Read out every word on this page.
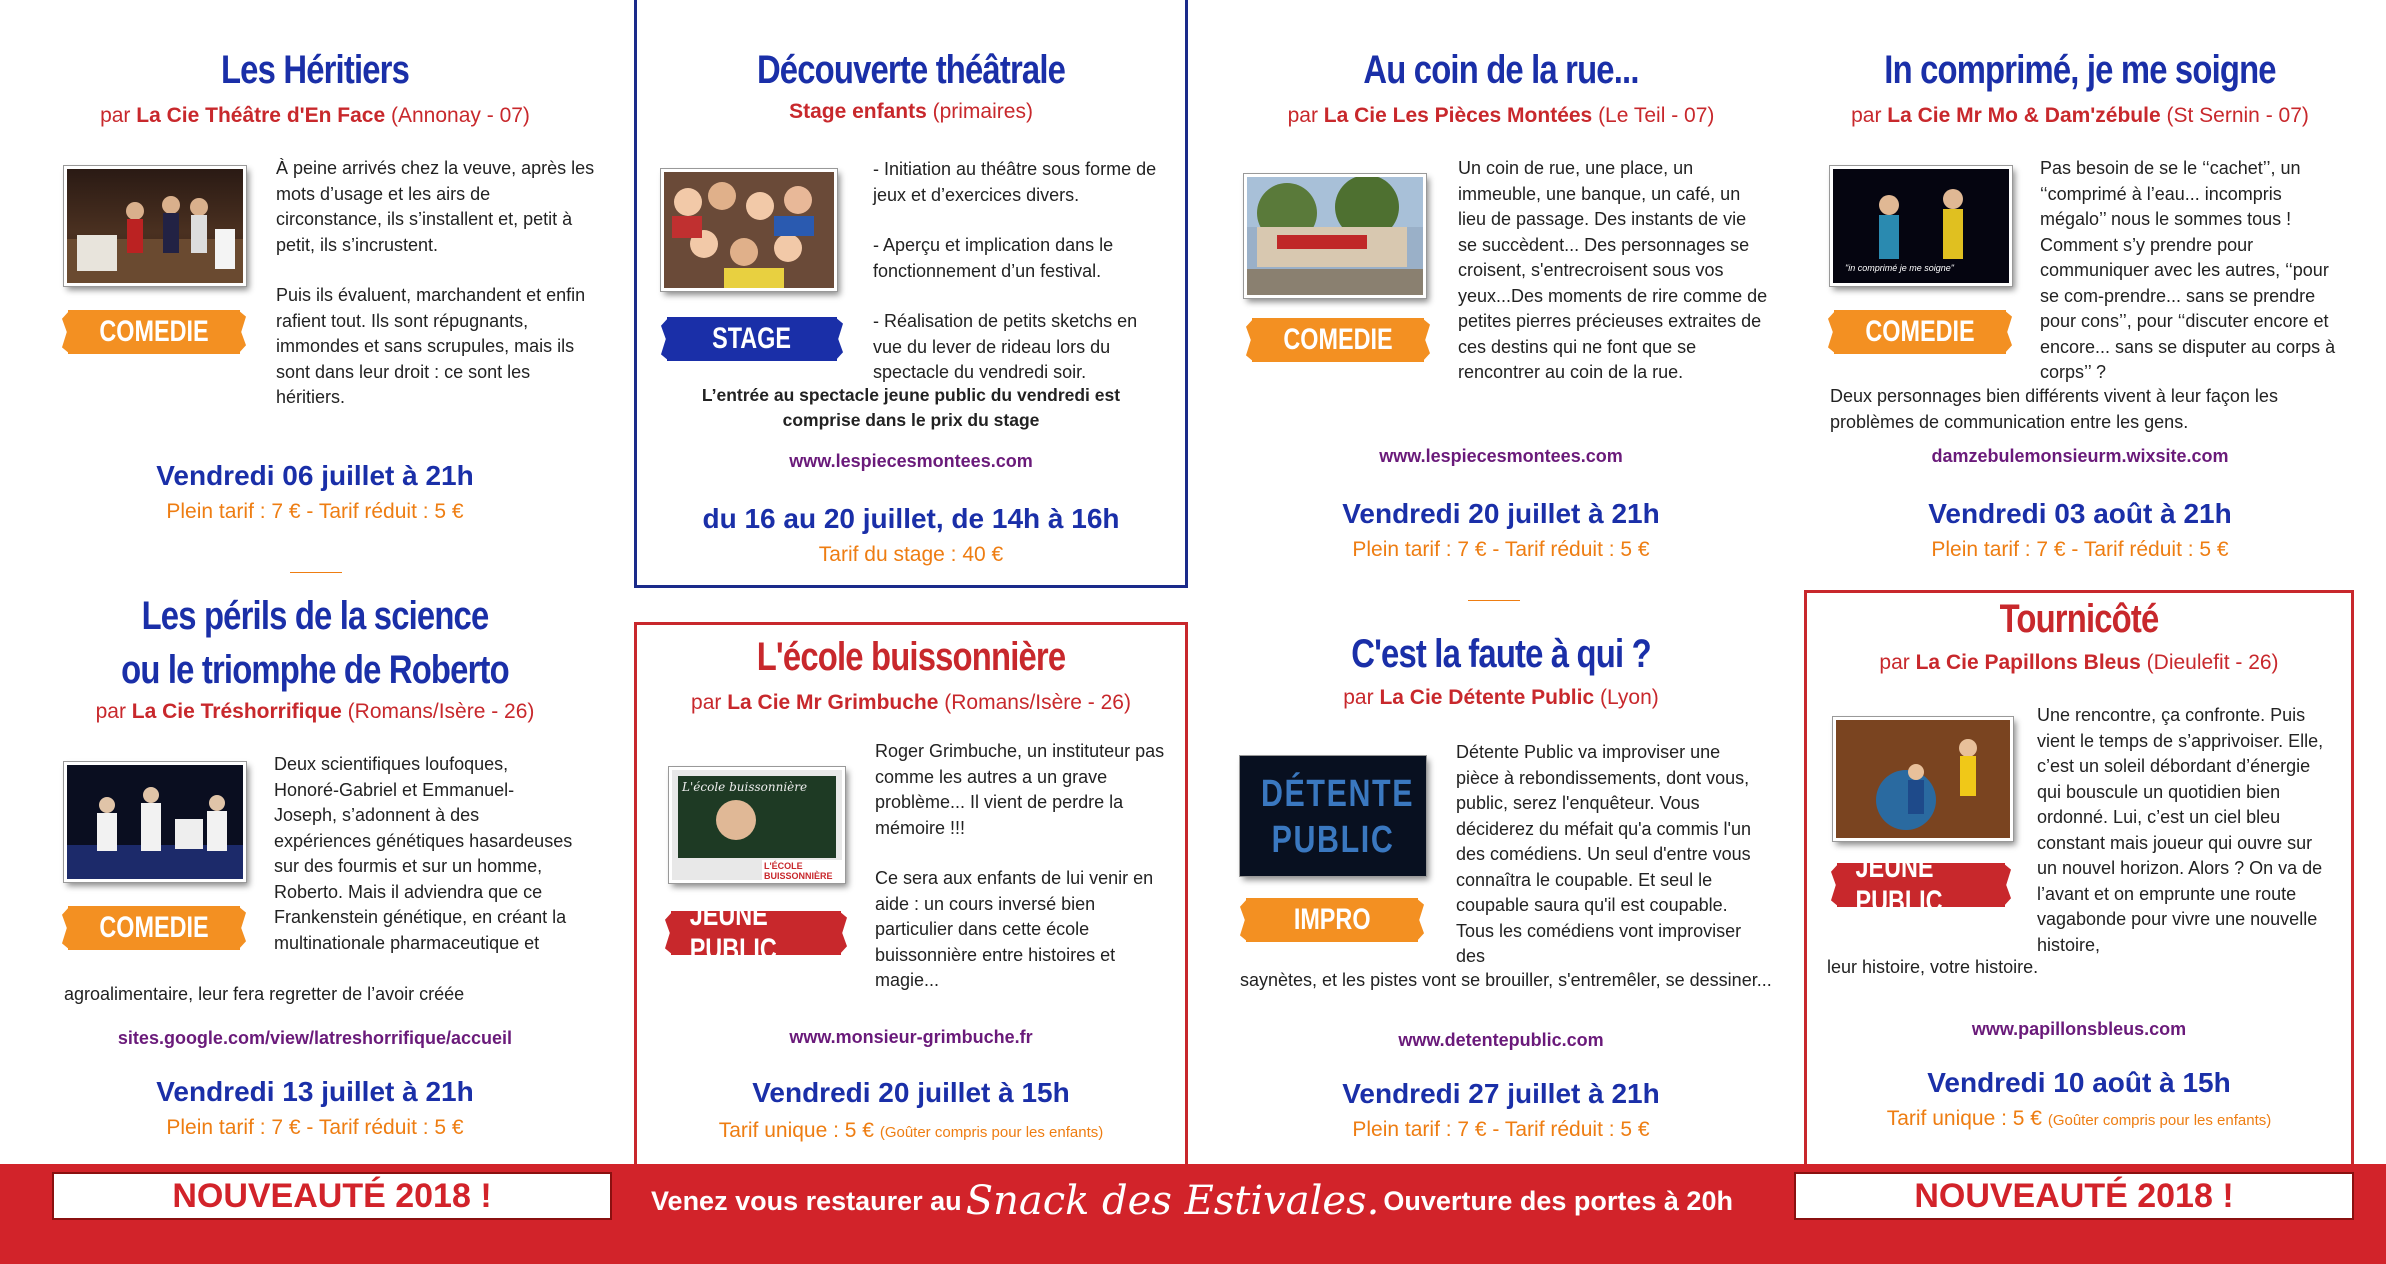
Les Héritiers
par La Cie Théâtre d'En Face (Annonay - 07)
COMEDIE

À peine arrivés chez la veuve, après les mots d’usage et les airs de circonstance, ils s’installent et, petit à petit, ils s’incrustent.

Puis ils évaluent, marchandent et enfin rafient tout. Ils sont répugnants, immondes et sans scrupules, mais ils sont dans leur droit : ce sont les héritiers.

Vendredi 06 juillet à 21h
Plein tarif : 7 € - Tarif réduit : 5 €
Les périls de la science
ou le triomphe de Roberto
par La Cie Tréshorrifique (Romans/Isère - 26)
COMEDIE

Deux scientifiques loufoques, Honoré-Gabriel et Emmanuel-Joseph, s’adonnent à des expériences génétiques hasardeuses sur des fourmis et sur un homme, Roberto. Mais il adviendra que ce Frankenstein génétique, en créant la multinationale pharmaceutique et

agroalimentaire, leur fera regretter de l’avoir créée
sites.google.com/view/latreshorrifique/accueil
Vendredi 13 juillet à 21h
Plein tarif : 7 € - Tarif réduit : 5 €
Découverte théâtrale
Stage enfants (primaires)
STAGE

- Initiation au théâtre sous forme de jeux et d’exercices divers.

- Aperçu et implication dans le fonctionnement d’un festival.

- Réalisation de petits sketchs en vue du lever de rideau lors du spectacle du vendredi soir.

L’entrée au spectacle jeune public du vendredi est comprise dans le prix du stage
www.lespiecesmontees.com
du 16 au 20 juillet, de 14h à 16h
Tarif du stage : 40 €
L'école buissonnière
par La Cie Mr Grimbuche (Romans/Isère - 26)
L'école buissonnière
L'ÉCOLE BUISSONNIÈRE
JEUNE PUBLIC

Roger Grimbuche, un instituteur pas comme les autres a un grave problème... Il vient de perdre la mémoire !!!

Ce sera aux enfants de lui venir en aide : un cours inversé bien particulier dans cette école buissonnière entre histoires et magie...

www.monsieur-grimbuche.fr
Vendredi 20 juillet à 15h
Tarif unique : 5 € (Goûter compris pour les enfants)
Au coin de la rue...
par La Cie Les Pièces Montées (Le Teil - 07)
COMEDIE

Un coin de rue, une place, un immeuble, une banque, un café, un lieu de passage. Des instants de vie se succèdent... Des personnages se croisent, s'entrecroisent sous vos yeux...Des moments de rire comme de petites pierres précieuses extraites de ces destins qui ne font que se rencontrer au coin de la rue.

www.lespiecesmontees.com
Vendredi 20 juillet à 21h
Plein tarif : 7 € - Tarif réduit : 5 €
C'est la faute à qui ?
par La Cie Détente Public (Lyon)
DÉTENTE
PUBLIC
IMPRO

Détente Public va improviser une pièce à rebondissements, dont vous, public, serez l'enquêteur. Vous déciderez du méfait qu'a commis l'un des comédiens. Un seul d'entre vous connaîtra le coupable. Et seul le coupable saura qu'il est coupable. Tous les comédiens vont improviser des

saynètes, et les pistes vont se brouiller, s'entremêler, se dessiner...
www.detentepublic.com
Vendredi 27 juillet à 21h
Plein tarif : 7 € - Tarif réduit : 5 €
In comprimé, je me soigne
par La Cie Mr Mo & Dam'zébule (St Sernin - 07)
"in comprimé je me soigne"
COMEDIE

Pas besoin de se le ‘‘cachet’’, un ‘‘comprimé à l’eau... incompris mégalo’’ nous le sommes tous ! Comment s’y prendre pour communiquer avec les autres, ‘‘pour se com-prendre... sans se prendre pour cons’’, pour ‘‘discuter encore et encore... sans se disputer au corps à corps’’ ?

Deux personnages bien différents vivent à leur façon les problèmes de communication entre les gens.
damzebulemonsieurm.wixsite.com
Vendredi 03 août à 21h
Plein tarif : 7 € - Tarif réduit : 5 €
Tournicôté
par La Cie Papillons Bleus (Dieulefit - 26)
JEUNE PUBLIC

Une rencontre, ça confronte. Puis vient le temps de s’apprivoiser. Elle, c’est un soleil débordant d’énergie qui bouscule un quotidien bien ordonné. Lui, c’est un ciel bleu constant mais joueur qui ouvre sur un nouvel horizon. Alors ? On va de l’avant et on emprunte une route vagabonde pour vivre une nouvelle histoire,

leur histoire, votre histoire.
www.papillonsbleus.com
Vendredi 10 août à 15h
Tarif unique : 5 € (Goûter compris pour les enfants)
NOUVEAUTÉ 2018 !	Venez vous restaurer au Snack des Estivales. Ouverture des portes à 20h	NOUVEAUTÉ 2018 !
